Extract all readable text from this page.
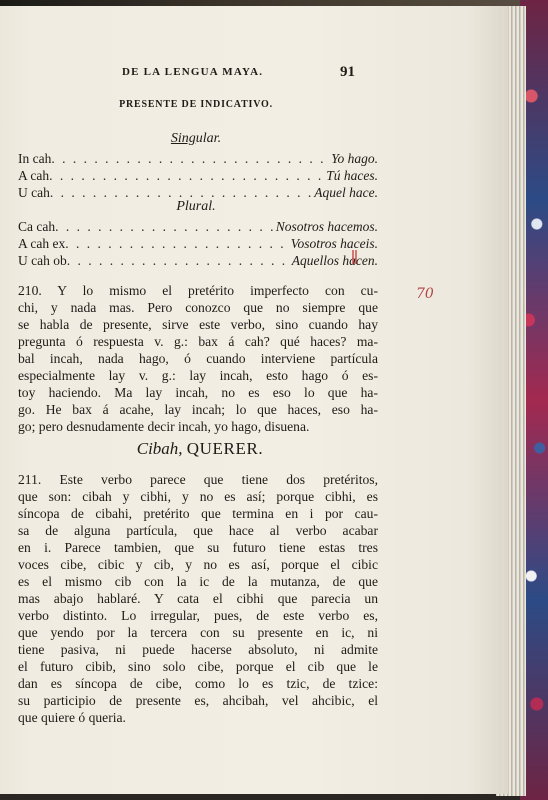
DE LA LENGUA MAYA.	91
PRESENTE DE INDICATIVO.
Singular.
In cah . . .	Yo hago.
A cah . . .	Tú haces.
U cah . . .	Aquel hace.
Plural.
Ca cah . . .	Nosotros hacemos.
A cah ex . . .	Vosotros haceis.
U cah ob . . .	Aquellos hacen.
210. Y lo mismo el pretérito imperfecto con cu-
chi, y nada mas. Pero conozco que no siempre que
se habla de presente, sirve este verbo, sino cuando hay
pregunta ó respuesta v. g.: bax á cah? qué haces? ma-
bal incah, nada hago, ó cuando interviene partícula
especialmente lay v. g.: lay incah, esto hago ó es-
toy haciendo. Ma lay incah, no es eso lo que ha-
go. He bax á acahe, lay incah; lo que haces, eso ha-
go; pero desnudamente decir incah, yo hago, disuena.
70
Cibah, QUERER.
211. Este verbo parece que tiene dos pretéritos,
que son: cibah y cibhi, y no es así; porque cibhi, es
síncopa de cibahi, pretérito que termina en i por cau-
sa de alguna partícula, que hace al verbo acabar
en i. Parece tambien, que su futuro tiene estas tres
voces cibe, cibic y cib, y no es así, porque el cibic
es el mismo cib con la ic de la mutanza, de que
mas abajo hablaré. Y cata el cibhi que parecia un
verbo distinto. Lo irregular, pues, de este verbo es,
que yendo por la tercera con su presente en ic, ni
tiene pasiva, ni puede hacerse absoluto, ni admite
el futuro cibib, sino solo cibe, porque el cib que le
dan es síncopa de cibe, como lo es tzic, de tzice:
su participio de presente es, ahcibah, vel ahcibic, el
que quiere ó queria.
